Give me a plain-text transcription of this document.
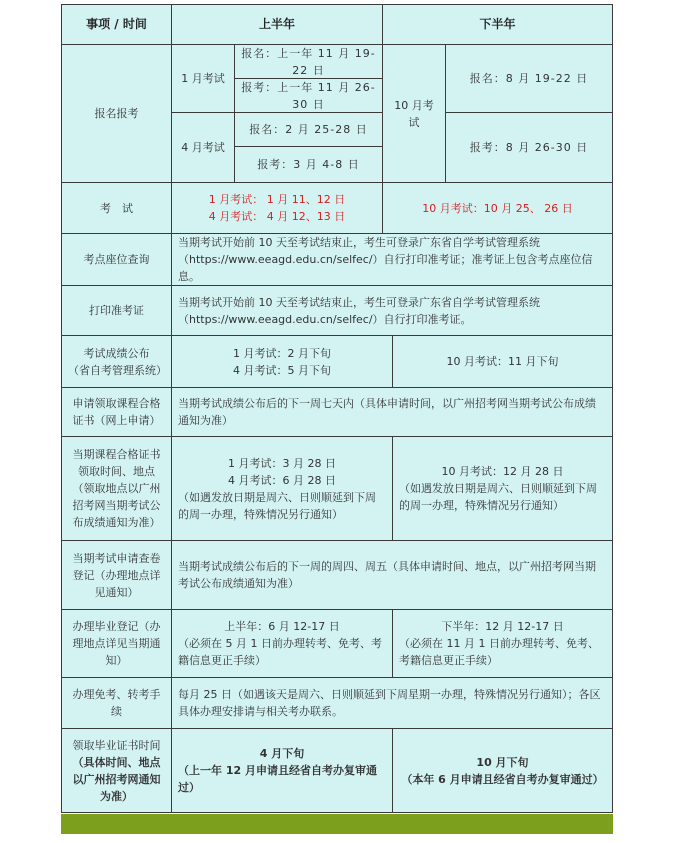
事项 / 时间	上半年	下半年
报名报考
1 月考试
报名：上一年 11 月 19-22 日
报考：上一年 11 月 26-30 日
4 月考试
报名：2 月 25-28 日
报考：3 月 4-8 日
10 月考试
报名：8 月 19-22 日
报考：8 月 26-30 日
考　试
1 月考试： 1 月 11、12 日
4 月考试： 4 月 12、13 日
10 月考试：10 月 25、 26 日
考点座位查询
当期考试开始前 10 天至考试结束止，考生可登录广东省自学考试管理系统（https://www.eeagd.edu.cn/selfec/）自行打印准考证；准考证上包含考点座位信息。
打印准考证
当期考试开始前 10 天至考试结束止，考生可登录广东省自学考试管理系统（https://www.eeagd.edu.cn/selfec/）自行打印准考证。
考试成绩公布
（省自考管理系统）
1 月考试：2 月下旬
4 月考试：5 月下旬
10 月考试：11 月下旬
申请领取课程合格证书（网上申请）
当期考试成绩公布后的下一周七天内（具体申请时间，以广州招考网当期考试公布成绩通知为准）
当期课程合格证书领取时间、地点（领取地点以广州招考网当期考试公布成绩通知为准）
1 月考试：3 月 28 日
4 月考试：6 月 28 日
（如遇发放日期是周六、日则顺延到下周的周一办理，特殊情况另行通知）
10 月考试：12 月 28 日
（如遇发放日期是周六、日则顺延到下周的周一办理，特殊情况另行通知）
当期考试申请查卷登记（办理地点详见通知）
当期考试成绩公布后的下一周的周四、周五（具体申请时间、地点，以广州招考网当期考试公布成绩通知为准）
办理毕业登记（办理地点详见当期通知）
上半年：6 月 12-17 日
（必须在 5 月 1 日前办理转考、免考、考籍信息更正手续）
下半年：12 月 12-17 日
（必须在 11 月 1 日前办理转考、免考、考籍信息更正手续）
办理免考、转考手续
每月 25 日（如遇该天是周六、日则顺延到下周星期一办理，特殊情况另行通知）；各区具体办理安排请与相关考办联系。
领取毕业证书时间
（具体时间、地点以广州招考网通知为准）
4 月下旬
（上一年 12 月申请且经省自考办复审通过）
10 月下旬
（本年 6 月申请且经省自考办复审通过）
